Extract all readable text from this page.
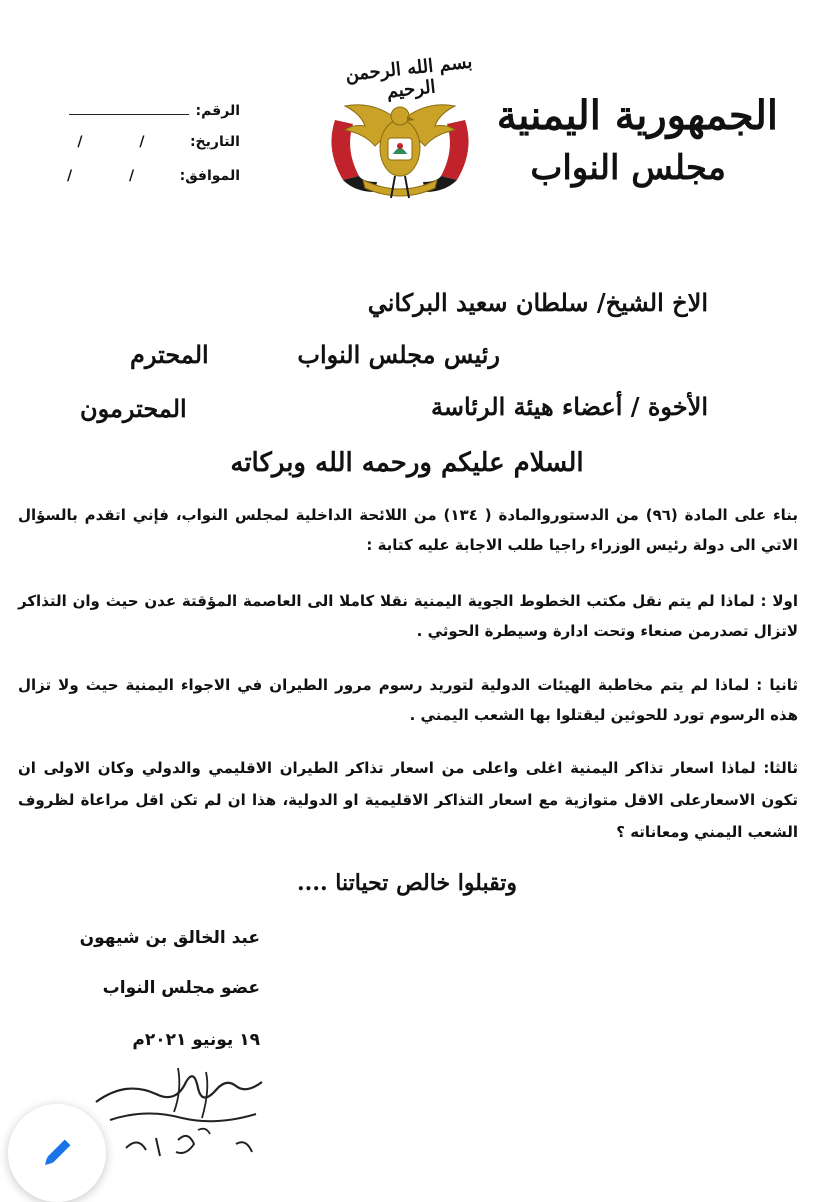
الجمهورية اليمنية
مجلس النواب
بسم الله الرحمن الرحيم
الرقم:
التاريخ:
/ /
الموافق:
/ /
الاخ الشيخ/ سلطان سعيد البركاني
رئيس مجلس النواب
الأخوة / أعضاء هيئة الرئاسة
المحترم
المحترمون
السلام عليكم ورحمه الله وبركاته
بناء على المادة (٩٦) من الدستوروالمادة ( ١٣٤) من اللائحة الداخلية لمجلس النواب، فإني اتقدم بالسؤال الاتي الى دولة رئيس الوزراء راجيا طلب الاجابة عليه كتابة :
اولا : لماذا لم يتم نقل مكتب الخطوط الجوية اليمنية نقلا كاملا الى العاصمة المؤقتة عدن حيث وان التذاكر لاتزال تصدرمن صنعاء وتحت ادارة وسيطرة الحوثي .
ثانيا : لماذا لم يتم مخاطبة الهيئات الدولية لتوريد رسوم مرور الطيران في الاجواء اليمنية حيث ولا تزال هذه الرسوم تورد للحوثين ليقتلوا بها الشعب اليمني .
ثالثا: لماذا اسعار تذاكر اليمنية اغلى واعلى من اسعار تذاكر الطيران الاقليمي والدولي وكان الاولى ان تكون الاسعارعلى الاقل متوازية مع اسعار التذاكر الاقليمية او الدولية، هذا ان لم تكن اقل مراعاة لظروف الشعب اليمني ومعاناته ؟
وتقبلوا خالص تحياتنا ....
عبد الخالق بن شيهون
عضو مجلس النواب
١٩ يونيو ٢٠٢١م
